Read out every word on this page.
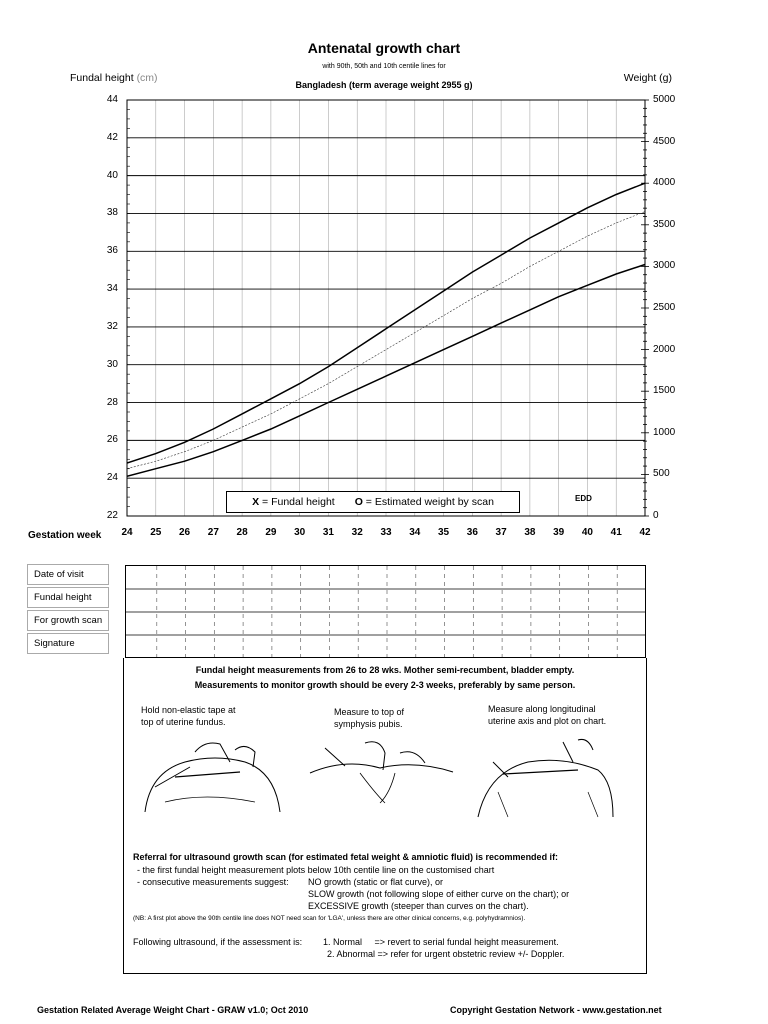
Antenatal growth chart
with 90th, 50th and 10th centile lines for
Bangladesh (term average weight 2955 g)
Fundal height (cm)	Weight (g)
22
24
26
28
30
32
34
36
38
40
42
44
0
500
1000
1500
2000
2500
3000
3500
4000
4500
5000
24	25	26	27	28	29	30	31	32	33	34	35	36	37	38	39	40	41	42
Gestation week
X = Fundal height O = Estimated weight by scan	EDD
Date of visit
Fundal height
For growth scan
Signature
Fundal height measurements from 26 to 28 wks. Mother semi-recumbent, bladder empty.
Measurements to monitor growth should be every 2-3 weeks, preferably by same person.
Hold non-elastic tape at
top of uterine fundus.
Measure to top of
symphysis pubis.
Measure along longitudinal
uterine axis and plot on chart.
Referral for ultrasound growth scan (for estimated fetal weight & amniotic fluid) is recommended if:
- the first fundal height measurement plots below 10th centile line on the customised chart
- consecutive measurements suggest: NO growth (static or flat curve), or
SLOW growth (not following slope of either curve on the chart); or
EXCESSIVE growth (steeper than curves on the chart).
(NB: A first plot above the 90th centile line does NOT need scan for 'LGA', unless there are other clinical concerns, e.g. polyhydramnios).
Following ultrasound, if the assessment is: 1. Normal     => revert to serial fundal height measurement.
2. Abnormal => refer for urgent obstetric review +/- Doppler.
Gestation Related Average Weight Chart - GRAW v1.0; Oct 2010	Copyright Gestation Network - www.gestation.net
